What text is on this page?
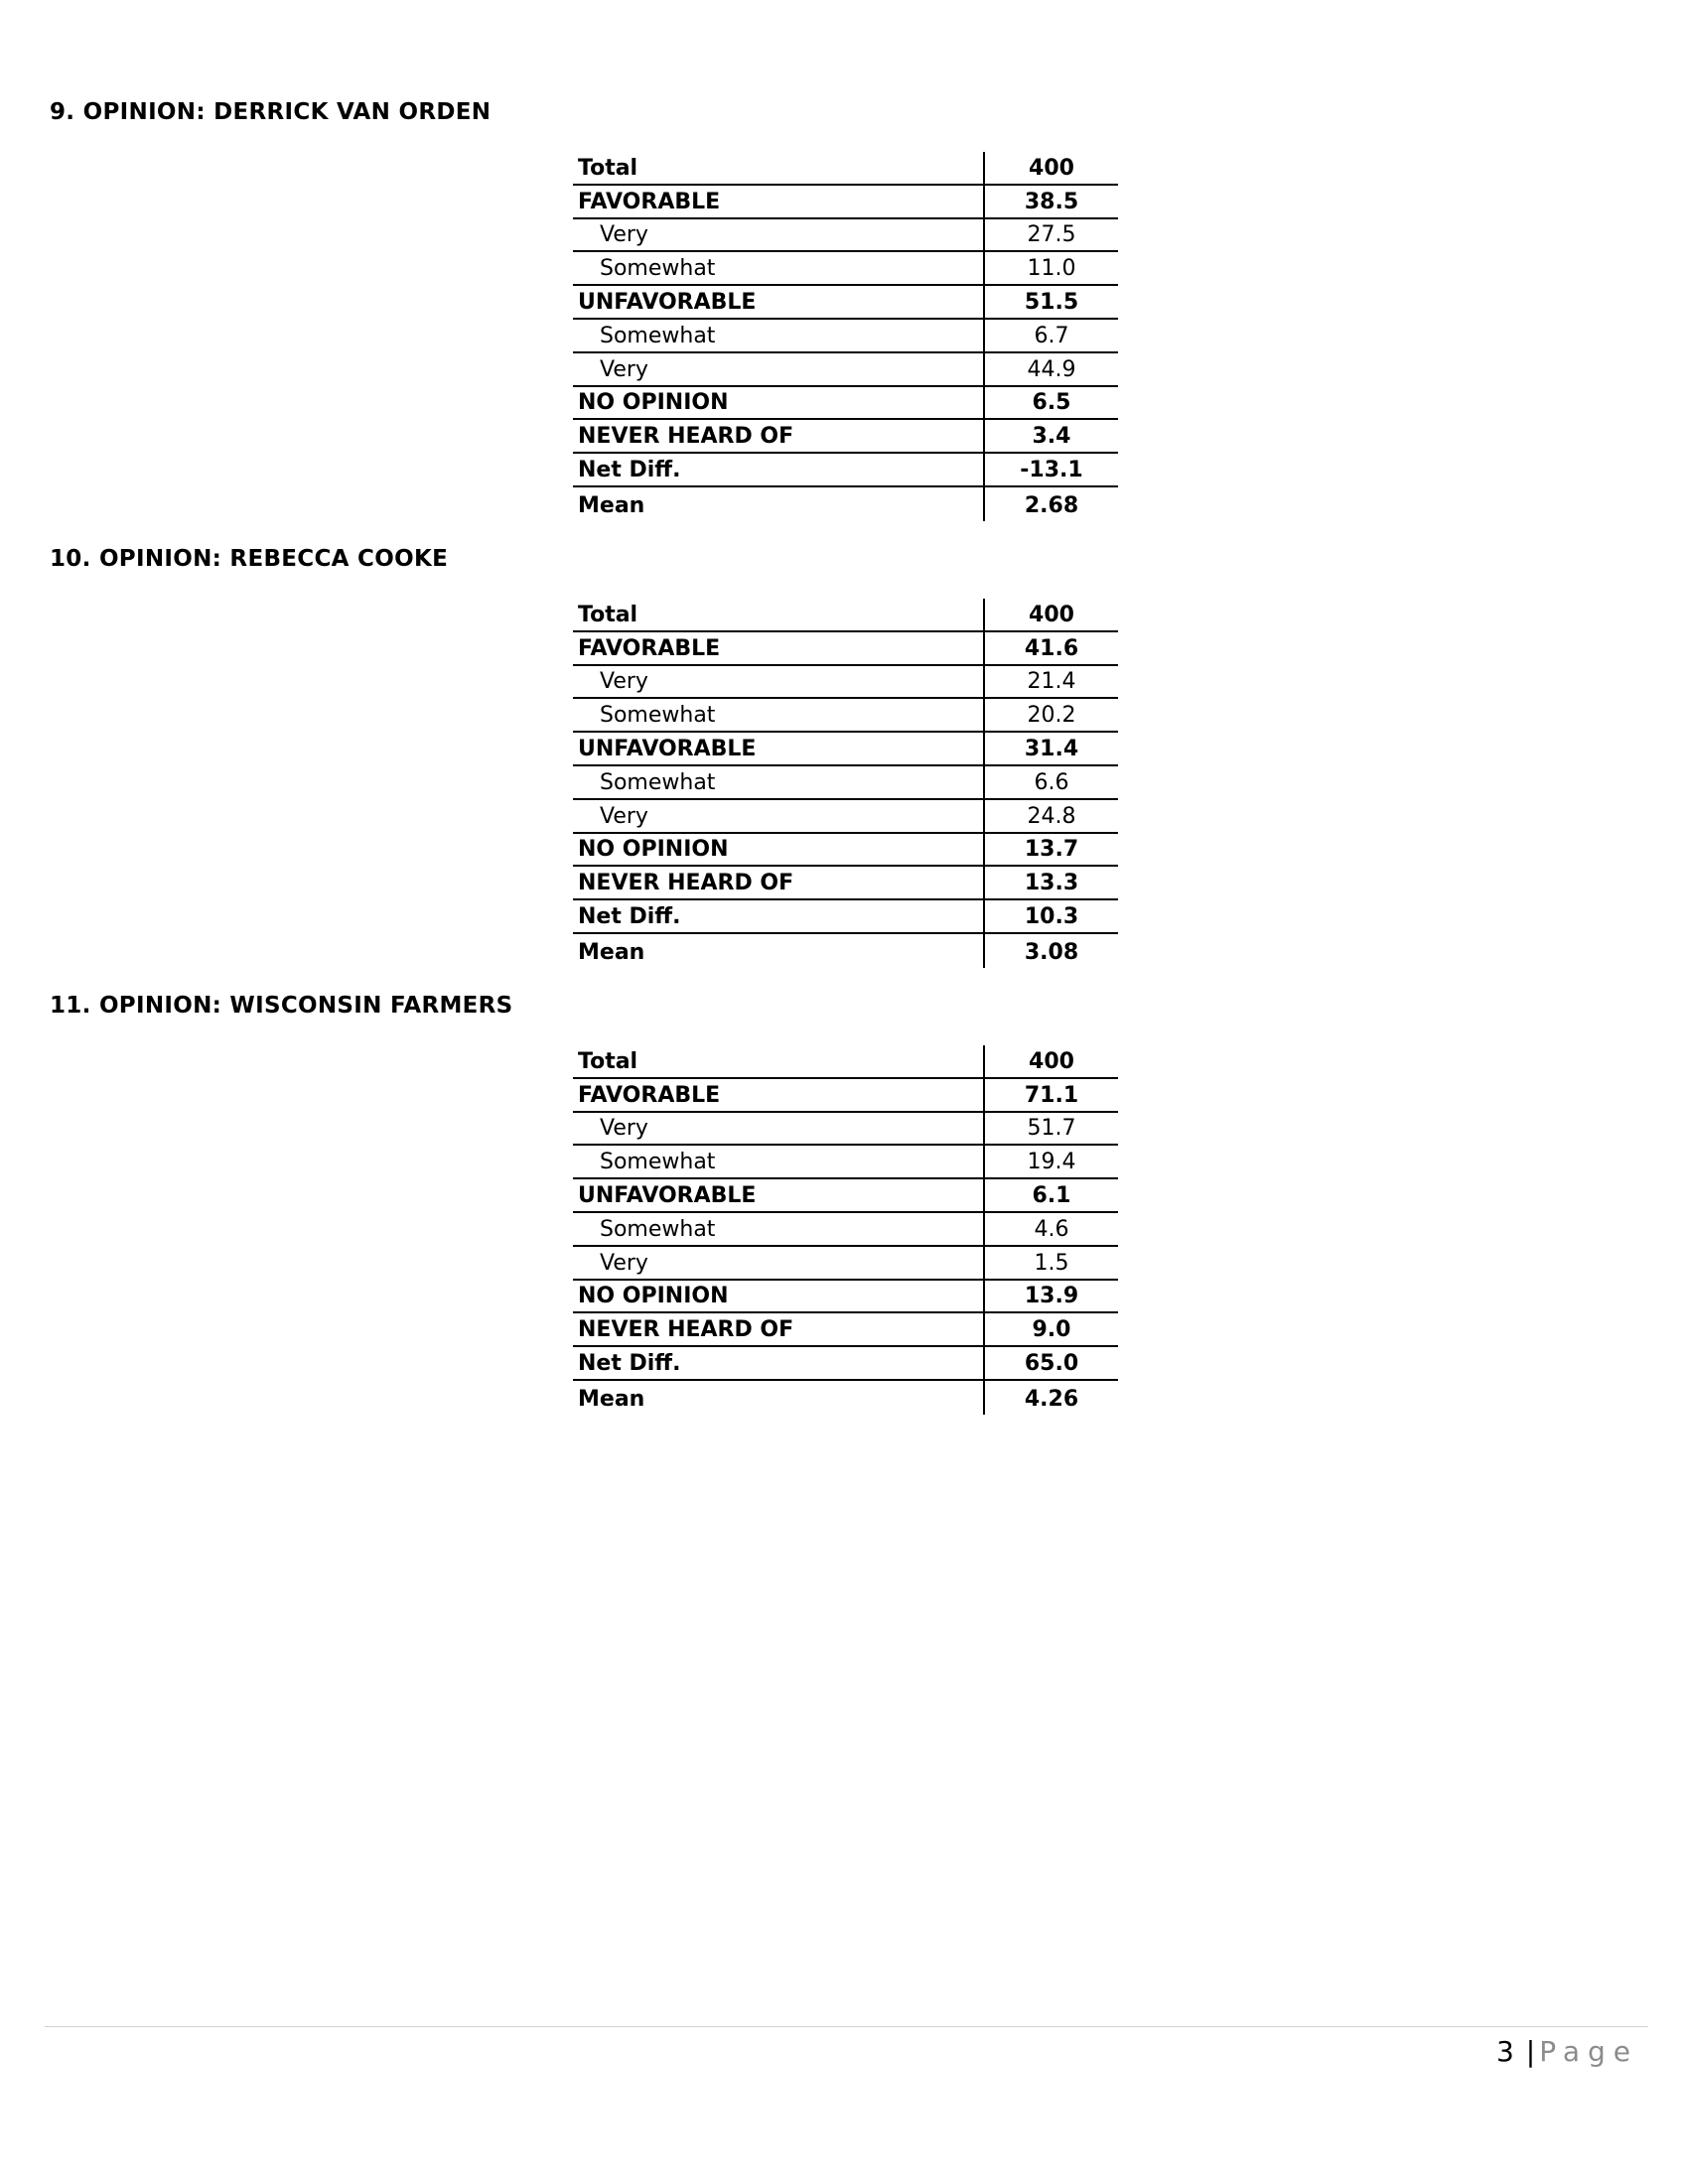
9. OPINION: DERRICK VAN ORDEN
Total	400
FAVORABLE	38.5
Very	27.5
Somewhat	11.0
UNFAVORABLE	51.5
Somewhat	6.7
Very	44.9
NO OPINION	6.5
NEVER HEARD OF	3.4
Net Diff.	-13.1
Mean	2.68
10. OPINION: REBECCA COOKE
Total	400
FAVORABLE	41.6
Very	21.4
Somewhat	20.2
UNFAVORABLE	31.4
Somewhat	6.6
Very	24.8
NO OPINION	13.7
NEVER HEARD OF	13.3
Net Diff.	10.3
Mean	3.08
11. OPINION: WISCONSIN FARMERS
Total	400
FAVORABLE	71.1
Very	51.7
Somewhat	19.4
UNFAVORABLE	6.1
Somewhat	4.6
Very	1.5
NO OPINION	13.9
NEVER HEARD OF	9.0
Net Diff.	65.0
Mean	4.26
3 | Page
